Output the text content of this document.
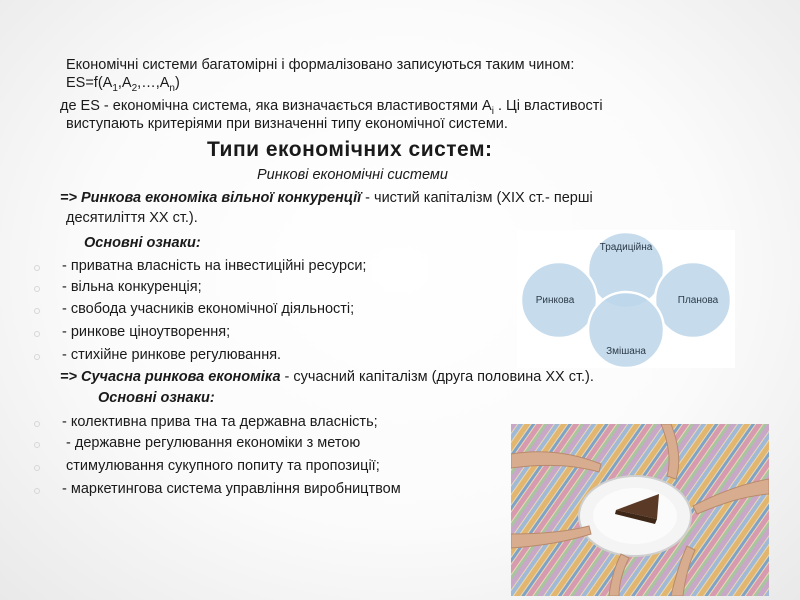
Економічні системи багатомірні і формалізовано записуються таким чином:
$ES=f(A_1,A_2,\dots,A_n)$
де ES - економічна система, яка визначається властивостями $A_i$ . Ці властивості
виступають критеріями при визначенні типу економічної системи.
Типи економічних систем:
Ринкові економічні системи
=> Ринкова економіка вільної конкуренції - чистий капіталізм (XIX ст.- перші
десятиліття XX ст.).
Основні ознаки:
- приватна власність на інвестиційні ресурси;
- вільна конкуренція;
- свобода учасників економічної діяльності;
- ринкове ціноутворення;
- стихійне ринкове регулювання.
=> Сучасна ринкова економіка - сучасний капіталізм (друга половина XX ст.).
Основні ознаки:
- колективна прива тна та державна власність;
- державне регулювання економіки з метою
стимулювання сукупного попиту та пропозиції;
- маркетингова система управління виробництвом
Традиційна
Ринкова	Планова
Змішана
